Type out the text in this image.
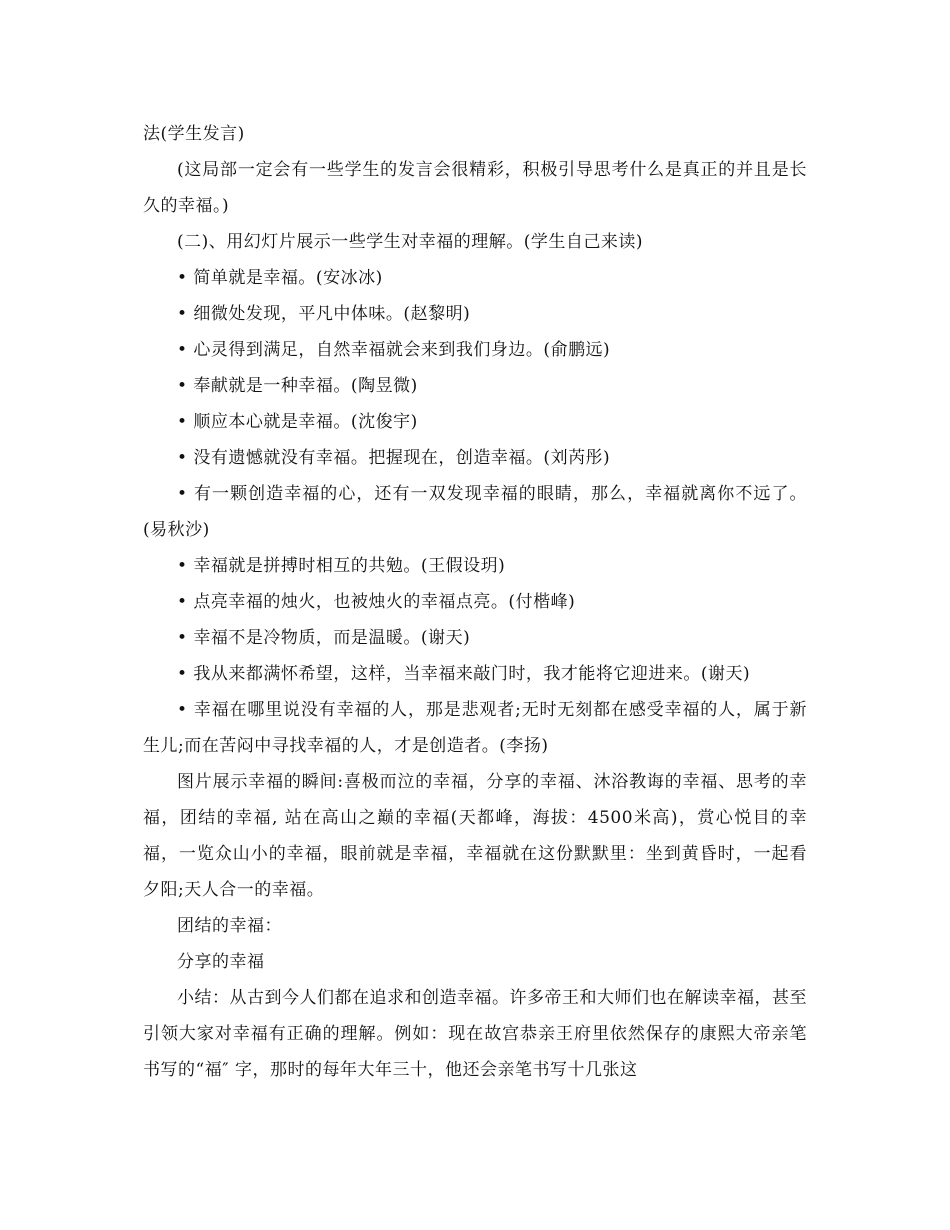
法(学生发言)

(这局部一定会有一些学生的发言会很精彩，积极引导思考什么是真正的并且是长久的幸福。)

(二)、用幻灯片展示一些学生对幸福的理解。(学生自己来读)

• 简单就是幸福。(安冰冰)

• 细微处发现，平凡中体味。(赵黎明)

• 心灵得到满足，自然幸福就会来到我们身边。(俞鹏远)

• 奉献就是一种幸福。(陶昱微)

• 顺应本心就是幸福。(沈俊宇)

• 没有遗憾就没有幸福。把握现在，创造幸福。(刘芮彤)

• 有一颗创造幸福的心，还有一双发现幸福的眼睛，那么，幸福就离你不远了。(易秋沙)

• 幸福就是拼搏时相互的共勉。(王假设玥)

• 点亮幸福的烛火，也被烛火的幸福点亮。(付楷峰)

• 幸福不是冷物质，而是温暖。(谢天)

• 我从来都满怀希望，这样，当幸福来敲门时，我才能将它迎进来。(谢天)

• 幸福在哪里说没有幸福的人，那是悲观者;无时无刻都在感受幸福的人，属于新生儿;而在苦闷中寻找幸福的人，才是创造者。(李扬)

图片展示幸福的瞬间:喜极而泣的幸福，分享的幸福、沐浴教诲的幸福、思考的幸福，团结的幸福, 站在高山之巅的幸福(天都峰，海拔：4500米高)，赏心悦目的幸福，一览众山小的幸福，眼前就是幸福，幸福就在这份默默里：坐到黄昏时，一起看夕阳;天人合一的幸福。

团结的幸福：

分享的幸福

小结：从古到今人们都在追求和创造幸福。许多帝王和大师们也在解读幸福，甚至引领大家对幸福有正确的理解。例如：现在故宫恭亲王府里依然保存的康熙大帝亲笔书写的“福″ 字，那时的每年大年三十，他还会亲笔书写十几张这
